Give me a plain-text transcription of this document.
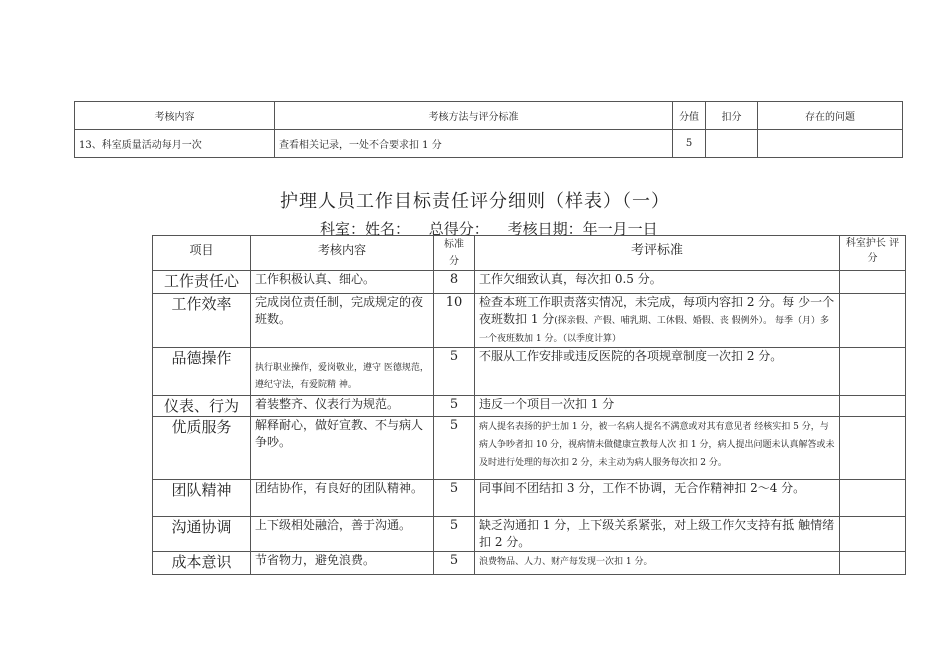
考核内容	考核方法与评分标准	分值	扣分	存在的问题
13、科室质量活动每月一次	查看相关记录，一处不合要求扣 1 分	5		
护理人员工作目标责任评分细则（样表）（一）
科室：姓名： 总得分： 考核日期：年一月一日
项目	考核内容	标准 分	考评标准	科室护长 评分
工作责任心	工作积极认真、细心。	8	工作欠细致认真，每次扣 0.5 分。	
工作效率	完成岗位责任制，完成规定的夜班数。	10	检查本班工作职责落实情况，未完成，每项内容扣 2 分。每 少一个夜班数扣 1 分(探亲假、产假、哺乳期、工休假、婚假、丧 假例外）。 每季（月）多一个夜班数加 1 分。（以季度计算）	
品德操作	执行职业操作，爱岗敬业，遵守 医德规范，遵纪守法，有爱院精 神。	5	不服从工作安排或违反医院的各项规章制度一次扣 2 分。	
仪表、行为	着装整齐、仪表行为规范。	5	违反一个项目一次扣 1 分	
优质服务	解释耐心，做好宣教、不与病人争吵。	5	病人提名表扬的护士加 1 分，被一名病人提名不满意或对其有意见者 经核实扣 5 分，与病人争吵者扣 10 分，视病情未做健康宣教每人次 扣 1 分，病人提出问题未认真解答或未及时进行处理的每次扣 2 分，未主动为病人服务每次扣 2 分。	
团队精神	团结协作，有良好的团队精神。	5	同事间不团结扣 3 分，工作不协调，无合作精神扣 2〜4 分。	
沟通协调	上下级相处融洽，善于沟通。	5	缺乏沟通扣 1 分，上下级关系紧张，对上级工作欠支持有抵 触情绪扣 2 分。	
成本意识	节省物力，避免浪费。	5	浪费物品、人力、财产每发现一次扣 1 分。	
